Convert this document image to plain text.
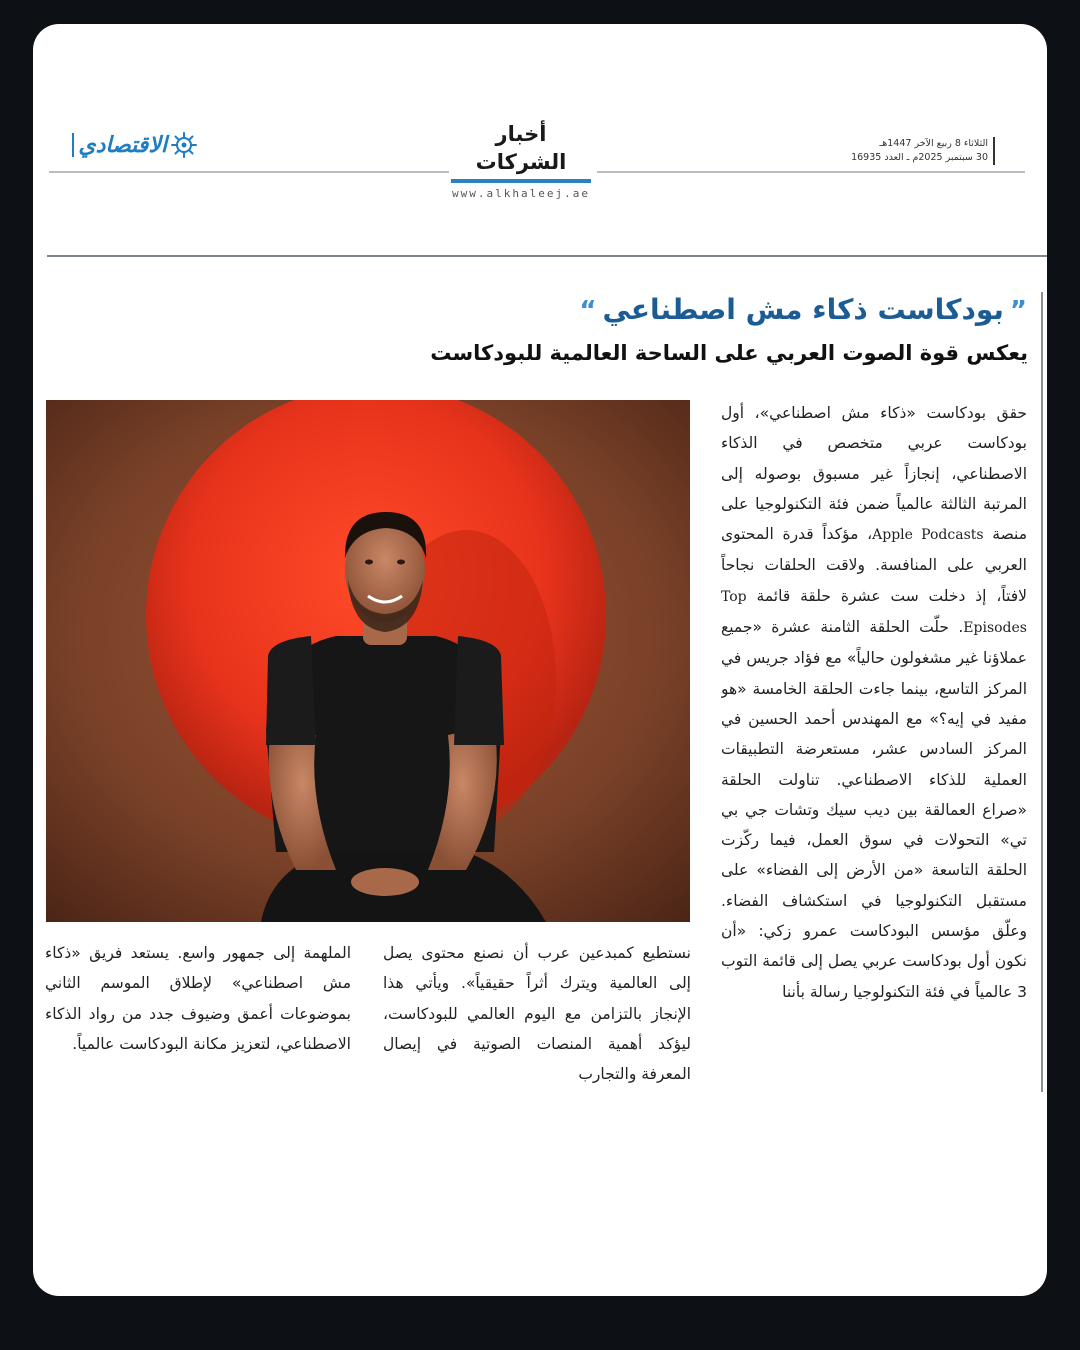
الاقتصادي	أخبار الشركات
www.alkhaleej.ae
الثلاثاء 8 ربيع الآخر 1447هـ
30 سبتمبر 2025م ـ العدد 16935
”بودكاست ذكاء مش اصطناعي“
يعكس قوة الصوت العربي على الساحة العالمية للبودكاست
حقق بودكاست «ذكاء مش اصطناعي»، أول بودكاست عربي متخصص في الذكاء الاصطناعي، إنجازاً غير مسبوق بوصوله إلى المرتبة الثالثة عالمياً ضمن فئة التكنولوجيا على منصة Apple Podcasts، مؤكداً قدرة المحتوى العربي على المنافسة. ولاقت الحلقات نجاحاً لافتاً، إذ دخلت ست عشرة حلقة قائمة Top Episodes. حلّت الحلقة الثامنة عشرة «جميع عملاؤنا غير مشغولون حالياً» مع فؤاد جريس في المركز التاسع، بينما جاءت الحلقة الخامسة «هو مفيد في إيه؟» مع المهندس أحمد الحسين في المركز السادس عشر، مستعرضة التطبيقات العملية للذكاء الاصطناعي. تناولت الحلقة «صراع العمالقة بين ديب سيك وتشات جي بي تي» التحولات في سوق العمل، فيما ركّزت الحلقة التاسعة «من الأرض إلى الفضاء» على مستقبل التكنولوجيا في استكشاف الفضاء. وعلّق مؤسس البودكاست عمرو زكي: «أن نكون أول بودكاست عربي يصل إلى قائمة التوب 3 عالمياً في فئة التكنولوجيا رسالة بأننا
نستطيع كمبدعين عرب أن نصنع محتوى يصل إلى العالمية ويترك أثراً حقيقياً». ويأتي هذا الإنجاز بالتزامن مع اليوم العالمي للبودكاست، ليؤكد أهمية المنصات الصوتية في إيصال المعرفة والتجارب
الملهمة إلى جمهور واسع. يستعد فريق «ذكاء مش اصطناعي» لإطلاق الموسم الثاني بموضوعات أعمق وضيوف جدد من رواد الذكاء الاصطناعي، لتعزيز مكانة البودكاست عالمياً.
